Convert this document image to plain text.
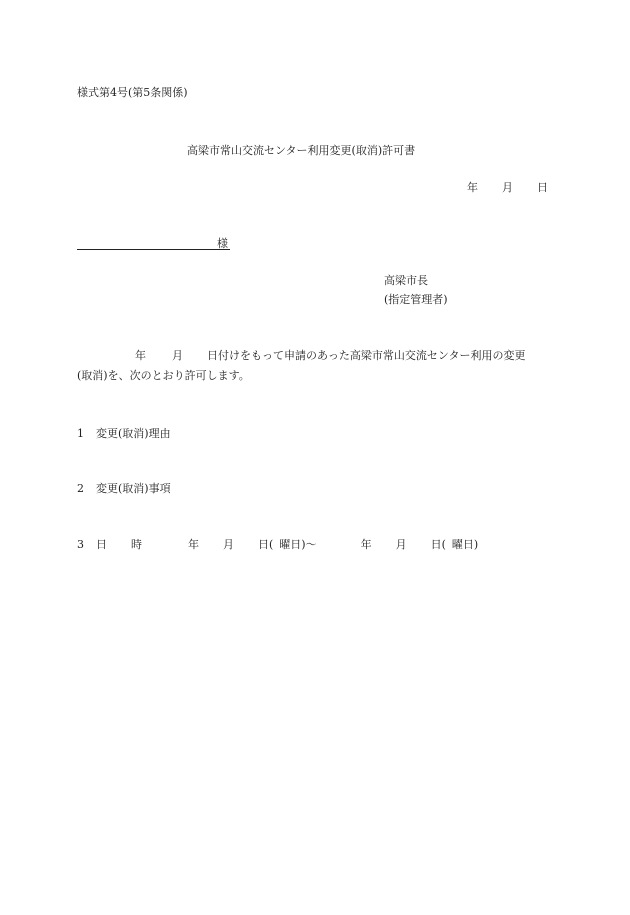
様式第4号(第5条関係)
高梁市常山交流センター利用変更(取消)許可書
年 月 日
様
高梁市長
(指定管理者)
年 月 日付けをもって申請のあった高梁市常山交流センター利用の変更
(取消)を、次のとおり許可します。
1 変更(取消)理由
2 変更(取消)事項
3 日 時	年 月 日( 曜日)〜	年 月 日( 曜日)
